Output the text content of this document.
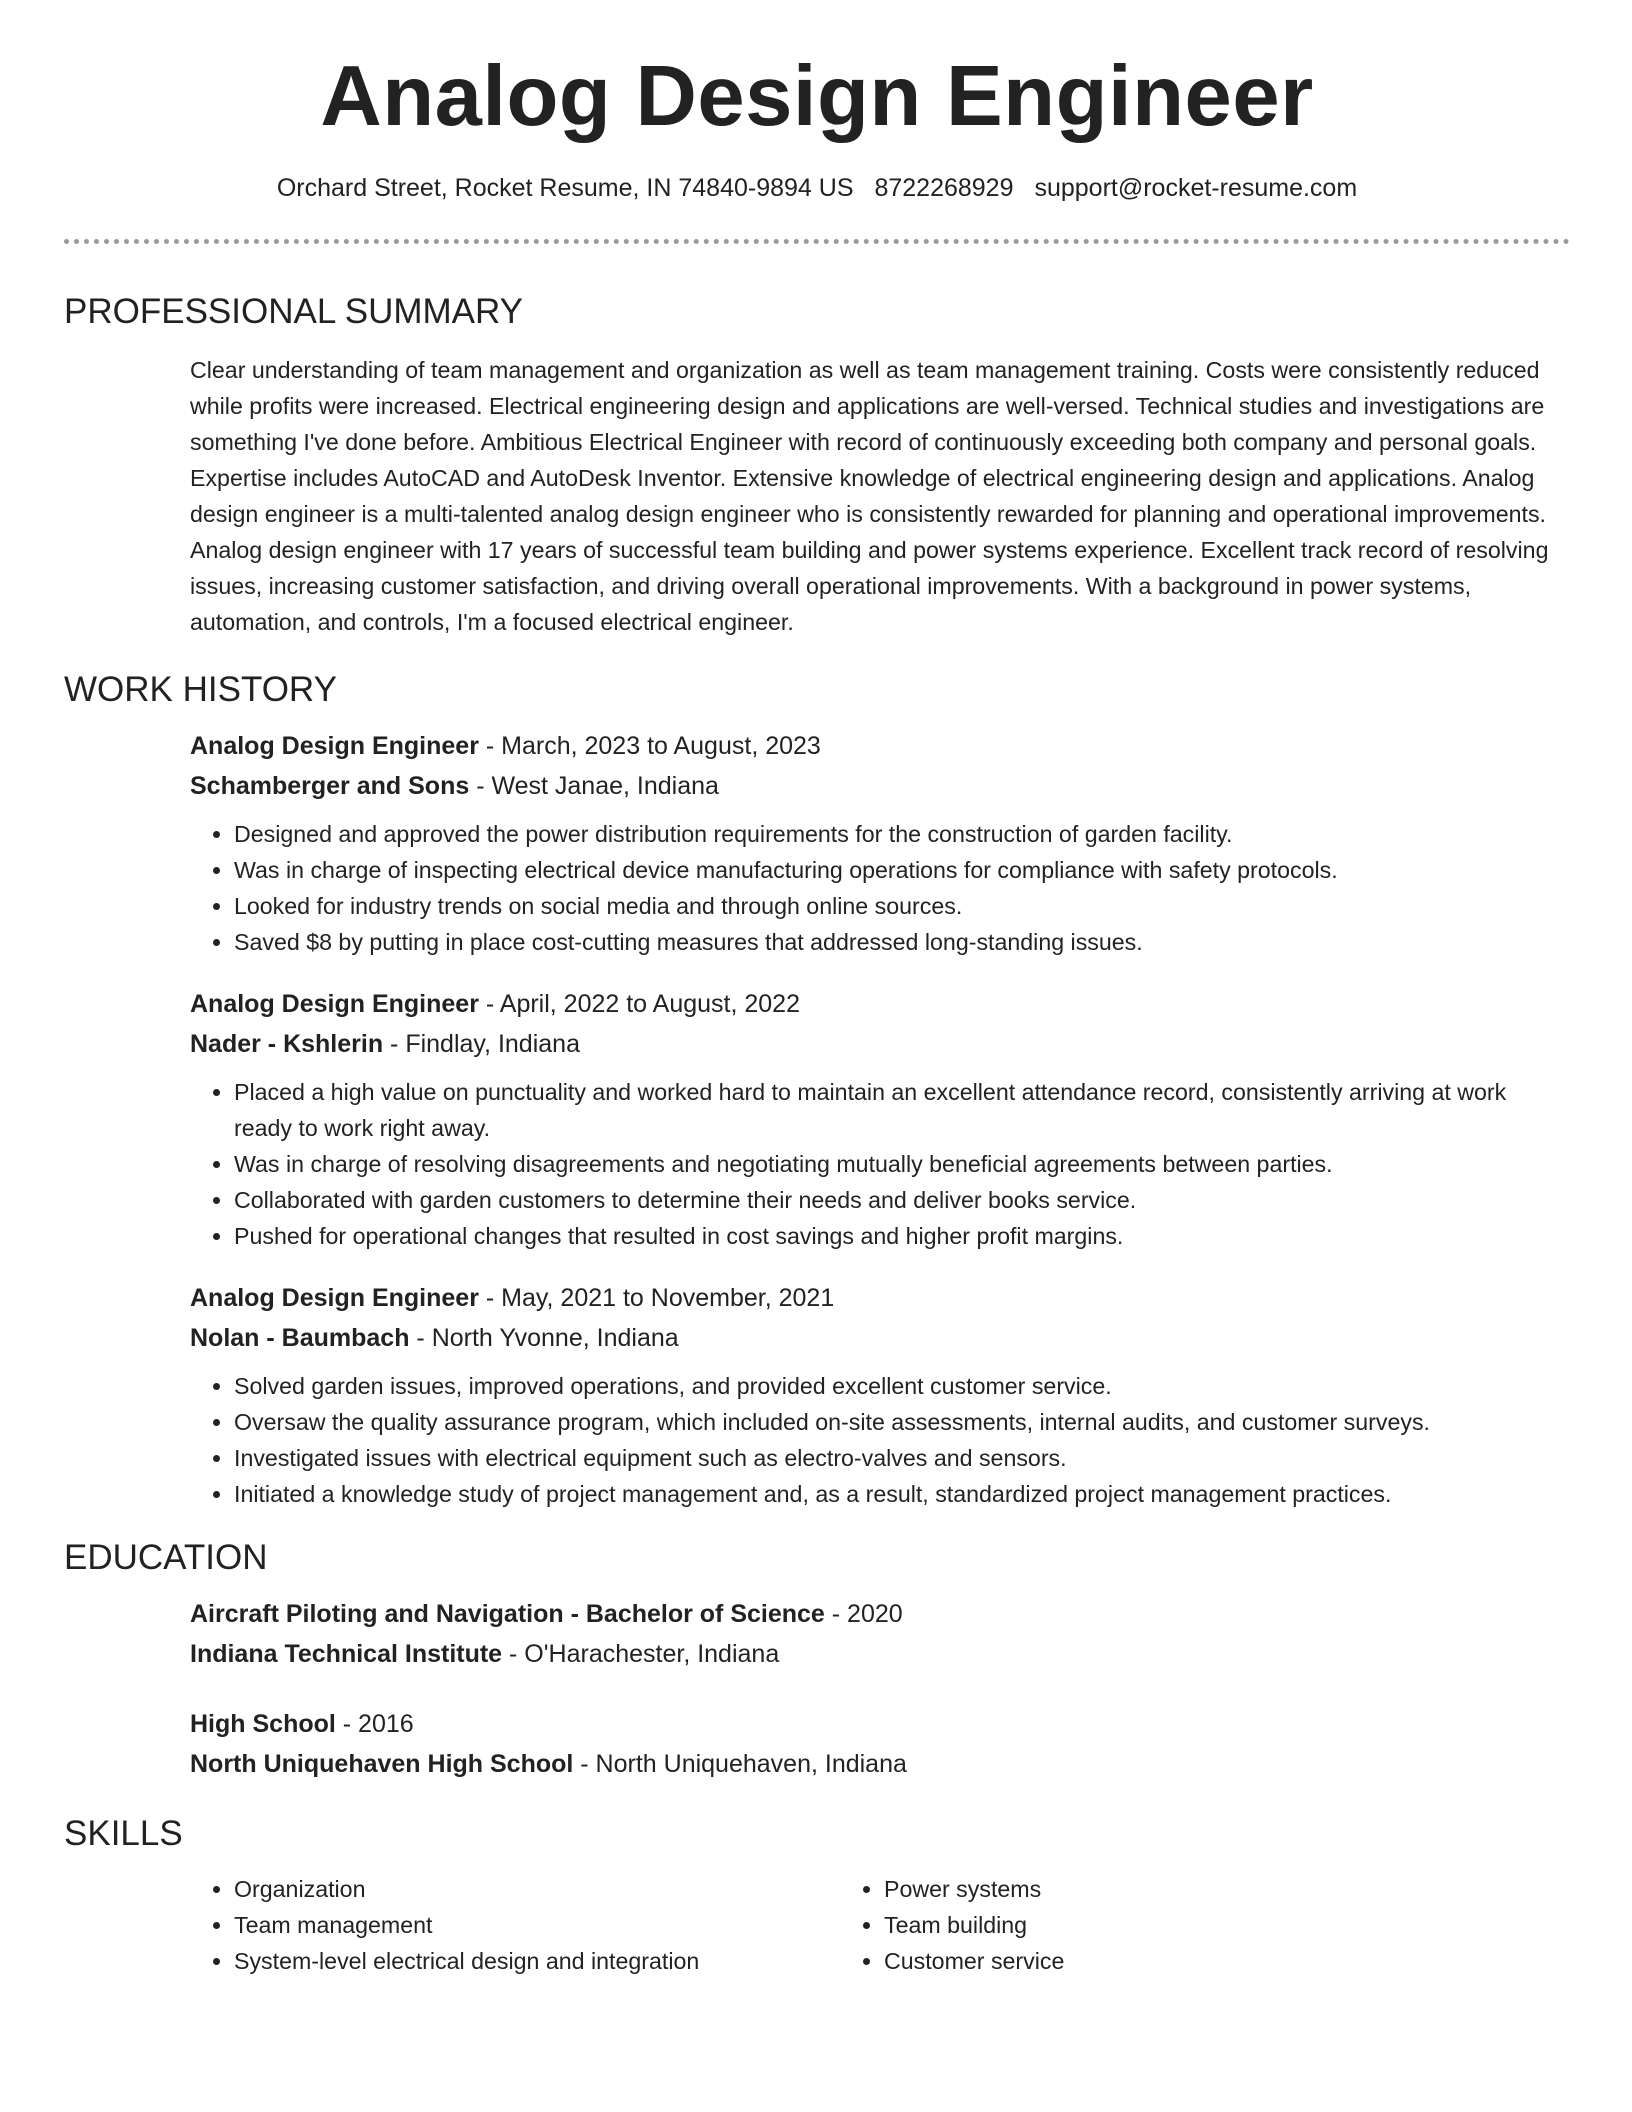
Analog Design Engineer
Orchard Street, Rocket Resume, IN 74840-9894 US 8722268929 support@rocket-resume.com
PROFESSIONAL SUMMARY

Clear understanding of team management and organization as well as team management training. Costs were consistently reduced while profits were increased. Electrical engineering design and applications are well-versed. Technical studies and investigations are something I've done before. Ambitious Electrical Engineer with record of continuously exceeding both company and personal goals. Expertise includes AutoCAD and AutoDesk Inventor. Extensive knowledge of electrical engineering design and applications. Analog design engineer is a multi-talented analog design engineer who is consistently rewarded for planning and operational improvements. Analog design engineer with 17 years of successful team building and power systems experience. Excellent track record of resolving issues, increasing customer satisfaction, and driving overall operational improvements. With a background in power systems, automation, and controls, I'm a focused electrical engineer.

WORK HISTORY
Analog Design Engineer - March, 2023 to August, 2023
Schamberger and Sons - West Janae, Indiana
• Designed and approved the power distribution requirements for the construction of garden facility.
• Was in charge of inspecting electrical device manufacturing operations for compliance with safety protocols.
• Looked for industry trends on social media and through online sources.
• Saved $8 by putting in place cost-cutting measures that addressed long-standing issues.
Analog Design Engineer - April, 2022 to August, 2022
Nader - Kshlerin - Findlay, Indiana
• Placed a high value on punctuality and worked hard to maintain an excellent attendance record, consistently arriving at work ready to work right away.
• Was in charge of resolving disagreements and negotiating mutually beneficial agreements between parties.
• Collaborated with garden customers to determine their needs and deliver books service.
• Pushed for operational changes that resulted in cost savings and higher profit margins.
Analog Design Engineer - May, 2021 to November, 2021
Nolan - Baumbach - North Yvonne, Indiana
• Solved garden issues, improved operations, and provided excellent customer service.
• Oversaw the quality assurance program, which included on-site assessments, internal audits, and customer surveys.
• Investigated issues with electrical equipment such as electro-valves and sensors.
• Initiated a knowledge study of project management and, as a result, standardized project management practices.
EDUCATION
Aircraft Piloting and Navigation - Bachelor of Science - 2020
Indiana Technical Institute - O'Harachester, Indiana
High School - 2016
North Uniquehaven High School - North Uniquehaven, Indiana
SKILLS
• Organization
• Team management
• System-level electrical design and integration
• Power systems
• Team building
• Customer service
